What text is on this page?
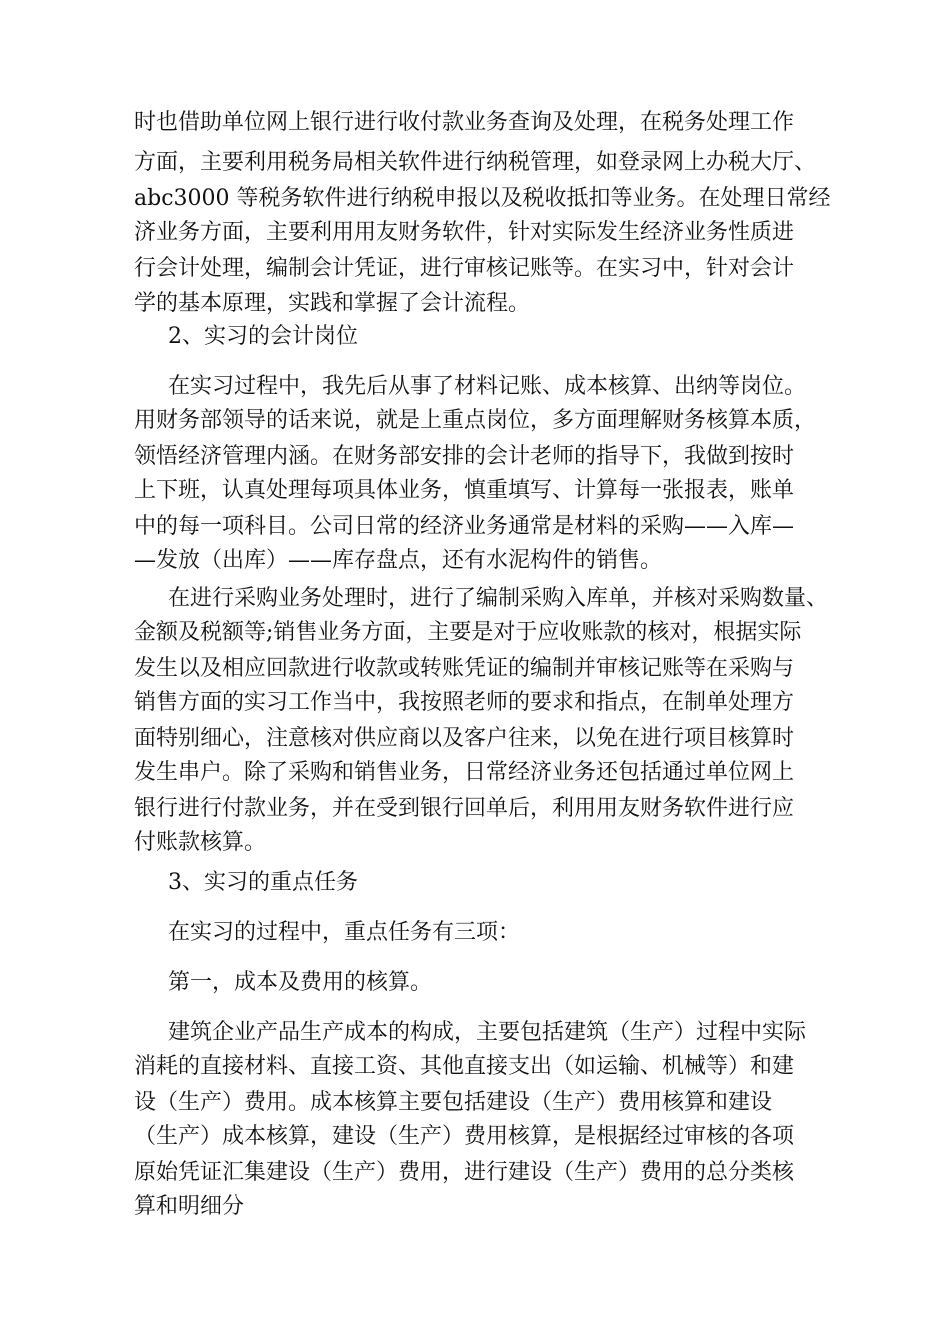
时也借助单位网上银行进行收付款业务查询及处理，在税务处理工作
方面，主要利用税务局相关软件进行纳税管理，如登录网上办税大厅、
abc3000 等税务软件进行纳税申报以及税收抵扣等业务。在处理日常经
济业务方面，主要利用用友财务软件，针对实际发生经济业务性质进
行会计处理，编制会计凭证，进行审核记账等。在实习中，针对会计
学的基本原理，实践和掌握了会计流程。
2、实习的会计岗位
在实习过程中，我先后从事了材料记账、成本核算、出纳等岗位。
用财务部领导的话来说，就是上重点岗位，多方面理解财务核算本质，
领悟经济管理内涵。在财务部安排的会计老师的指导下，我做到按时
上下班，认真处理每项具体业务，慎重填写、计算每一张报表，账单
中的每一项科目。公司日常的经济业务通常是材料的采购——入库—
—发放（出库）——库存盘点，还有水泥构件的销售。
在进行采购业务处理时，进行了编制采购入库单，并核对采购数量、
金额及税额等;销售业务方面，主要是对于应收账款的核对，根据实际
发生以及相应回款进行收款或转账凭证的编制并审核记账等在采购与
销售方面的实习工作当中，我按照老师的要求和指点，在制单处理方
面特别细心，注意核对供应商以及客户往来，以免在进行项目核算时
发生串户。除了采购和销售业务，日常经济业务还包括通过单位网上
银行进行付款业务，并在受到银行回单后，利用用友财务软件进行应
付账款核算。
3、实习的重点任务
在实习的过程中，重点任务有三项：
第一，成本及费用的核算。
建筑企业产品生产成本的构成，主要包括建筑（生产）过程中实际
消耗的直接材料、直接工资、其他直接支出（如运输、机械等）和建
设（生产）费用。成本核算主要包括建设（生产）费用核算和建设
（生产）成本核算，建设（生产）费用核算，是根据经过审核的各项
原始凭证汇集建设（生产）费用，进行建设（生产）费用的总分类核
算和明细分
